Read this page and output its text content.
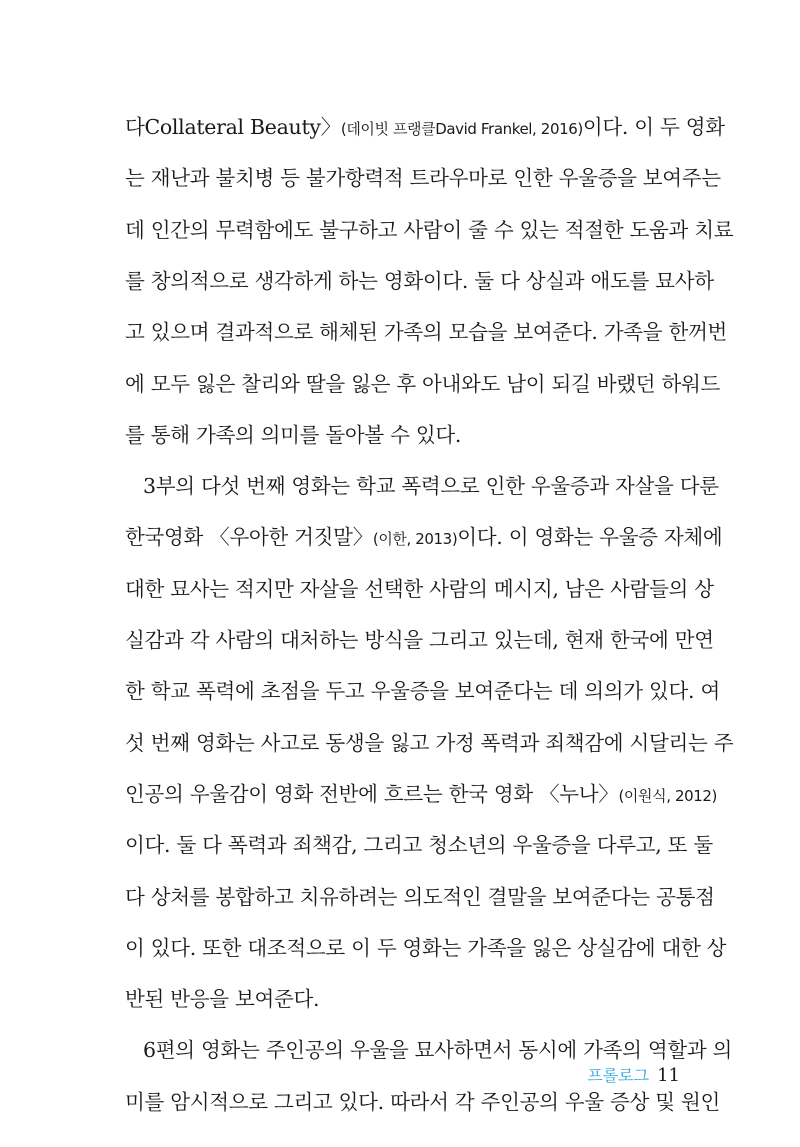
다Collateral Beauty〉(데이빗 프랭클David Frankel, 2016)이다. 이 두 영화
는 재난과 불치병 등 불가항력적 트라우마로 인한 우울증을 보여주는
데 인간의 무력함에도 불구하고 사람이 줄 수 있는 적절한 도움과 치료
를 창의적으로 생각하게 하는 영화이다. 둘 다 상실과 애도를 묘사하
고 있으며 결과적으로 해체된 가족의 모습을 보여준다. 가족을 한꺼번
에 모두 잃은 찰리와 딸을 잃은 후 아내와도 남이 되길 바랬던 하워드
를 통해 가족의 의미를 돌아볼 수 있다.
3부의 다섯 번째 영화는 학교 폭력으로 인한 우울증과 자살을 다룬
한국영화 〈우아한 거짓말〉(이한, 2013)이다. 이 영화는 우울증 자체에
대한 묘사는 적지만 자살을 선택한 사람의 메시지, 남은 사람들의 상
실감과 각 사람의 대처하는 방식을 그리고 있는데, 현재 한국에 만연
한 학교 폭력에 초점을 두고 우울증을 보여준다는 데 의의가 있다. 여
섯 번째 영화는 사고로 동생을 잃고 가정 폭력과 죄책감에 시달리는 주
인공의 우울감이 영화 전반에 흐르는 한국 영화 〈누나〉(이원식, 2012)
이다. 둘 다 폭력과 죄책감, 그리고 청소년의 우울증을 다루고, 또 둘
다 상처를 봉합하고 치유하려는 의도적인 결말을 보여준다는 공통점
이 있다. 또한 대조적으로 이 두 영화는 가족을 잃은 상실감에 대한 상
반된 반응을 보여준다.
6편의 영화는 주인공의 우울을 묘사하면서 동시에 가족의 역할과 의
미를 암시적으로 그리고 있다. 따라서 각 주인공의 우울 증상 및 원인
프롤로그 11
